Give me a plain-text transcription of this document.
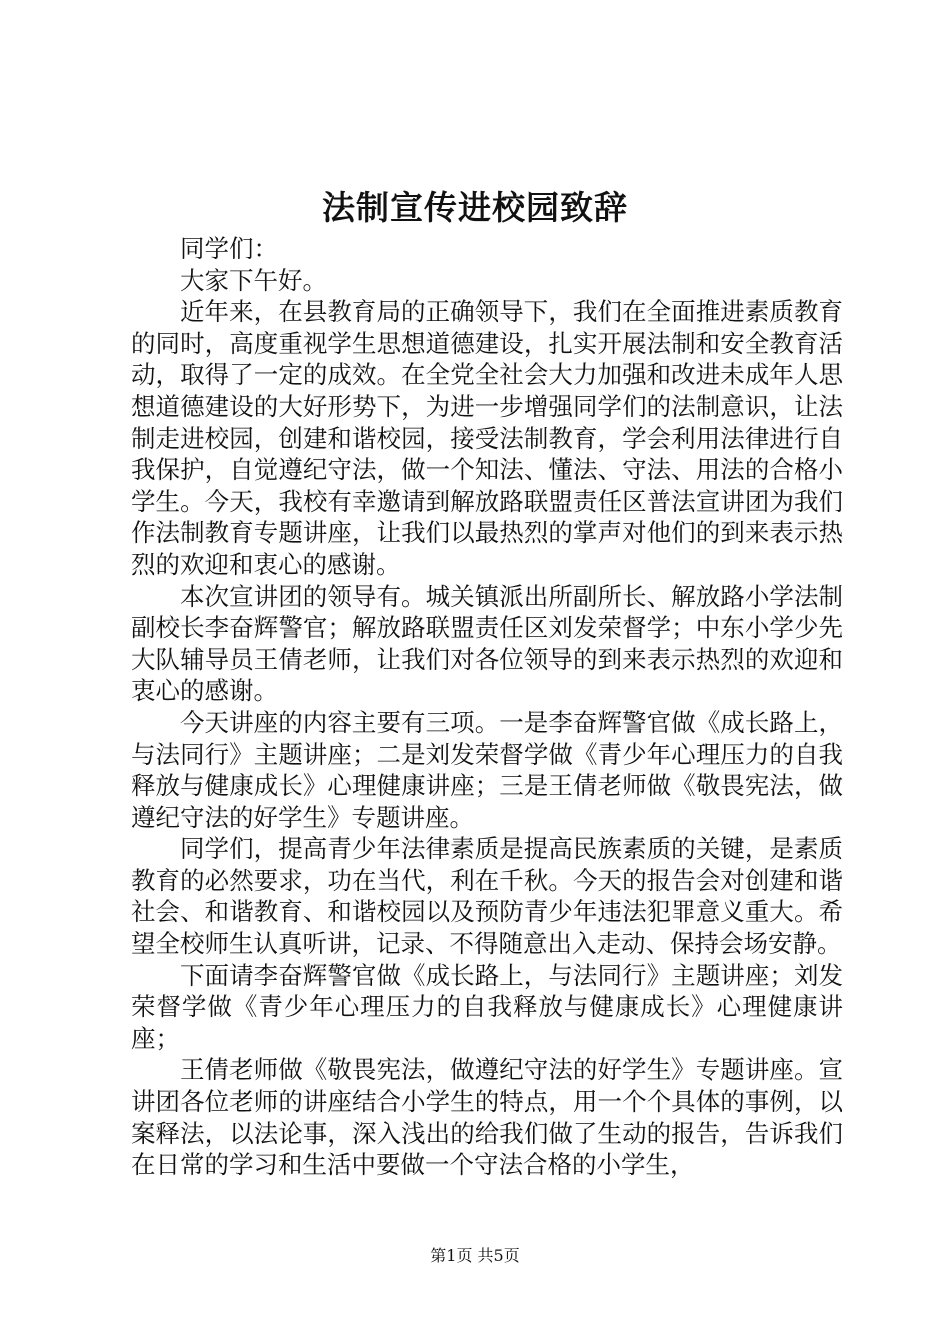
法制宣传进校园致辞

同学们：

大家下午好。

近年来，在县教育局的正确领导下，我们在全面推进素质教育的同时，高度重视学生思想道德建设，扎实开展法制和安全教育活动，取得了一定的成效。在全党全社会大力加强和改进未成年人思想道德建设的大好形势下，为进一步增强同学们的法制意识，让法制走进校园，创建和谐校园，接受法制教育，学会利用法律进行自我保护，自觉遵纪守法，做一个知法、懂法、守法、用法的合格小学生。今天，我校有幸邀请到解放路联盟责任区普法宣讲团为我们作法制教育专题讲座，让我们以最热烈的掌声对他们的到来表示热烈的欢迎和衷心的感谢。

本次宣讲团的领导有。城关镇派出所副所长、解放路小学法制副校长李奋辉警官；解放路联盟责任区刘发荣督学；中东小学少先大队辅导员王倩老师，让我们对各位领导的到来表示热烈的欢迎和衷心的感谢。

今天讲座的内容主要有三项。一是李奋辉警官做《成长路上，与法同行》主题讲座；二是刘发荣督学做《青少年心理压力的自我释放与健康成长》心理健康讲座；三是王倩老师做《敬畏宪法，做遵纪守法的好学生》专题讲座。

同学们，提高青少年法律素质是提高民族素质的关键，是素质教育的必然要求，功在当代，利在千秋。今天的报告会对创建和谐社会、和谐教育、和谐校园以及预防青少年违法犯罪意义重大。希望全校师生认真听讲，记录、不得随意出入走动、保持会场安静。

下面请李奋辉警官做《成长路上，与法同行》主题讲座；刘发荣督学做《青少年心理压力的自我释放与健康成长》心理健康讲座；

王倩老师做《敬畏宪法，做遵纪守法的好学生》专题讲座。宣讲团各位老师的讲座结合小学生的特点，用一个个具体的事例，以案释法，以法论事，深入浅出的给我们做了生动的报告，告诉我们在日常的学习和生活中要做一个守法合格的小学生，

第1页 共5页
